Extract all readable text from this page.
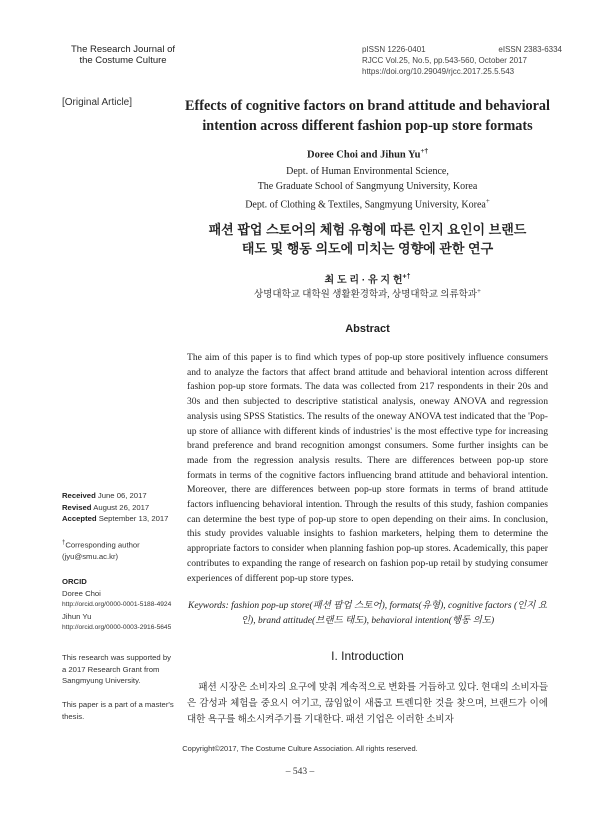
The Research Journal of
the Costume Culture
pISSN 1226-0401	eISSN 2383-6334
RJCC Vol.25, No.5, pp.543-560, October 2017
https://doi.org/10.29049/rjcc.2017.25.5.543
[Original Article]	Effects of cognitive factors on brand attitude and behavioral intention across different fashion pop-up store formats
Doree Choi and Jihun Yu+†
Dept. of Human Environmental Science,
The Graduate School of Sangmyung University, Korea
Dept. of Clothing & Textiles, Sangmyung University, Korea+
패션 팝업 스토어의 체험 유형에 따른 인지 요인이 브랜드
태도 및 행동 의도에 미치는 영향에 관한 연구
최 도 리 · 유 지 헌+†
상명대학교 대학원 생활환경학과, 상명대학교 의류학과+
Abstract
The aim of this paper is to find which types of pop-up store positively influence consumers and to analyze the factors that affect brand attitude and behavioral intention across different fashion pop-up store formats. The data was collected from 217 respondents in their 20s and 30s and then subjected to descriptive statistical analysis, oneway ANOVA and regression analysis using SPSS Statistics. The results of the oneway ANOVA test indicated that the 'Pop-up store of alliance with different kinds of industries' is the most effective type for increasing brand preference and brand recognition amongst consumers. Some further insights can be made from the regression analysis results. There are differences between pop-up store formats in terms of the cognitive factors influencing brand attitude and behavioral intention. Moreover, there are differences between pop-up store formats in terms of brand attitude factors influencing behavioral intention. Through the results of this study, fashion companies can determine the best type of pop-up store to open depending on their aims. In conclusion, this study provides valuable insights to fashion marketers, helping them to determine the appropriate factors to consider when planning fashion pop-up stores. Academically, this paper contributes to expanding the range of research on fashion pop-up retail by studying consumer experiences of different pop-up store types.
Keywords: fashion pop-up store(패션 팝업 스토어), formats(유형), cognitive factors (인지 요인), brand attitude(브랜드 태도), behavioral intention(행동 의도)
I. Introduction
패션 시장은 소비자의 요구에 맞춰 계속적으로 변화를 거듭하고 있다. 현대의 소비자들은 감성과 체험을 중요시 여기고, 끊임없이 새롭고 트렌디한 것을 찾으며, 브랜드가 이에 대한 욕구를 해소시켜주기를 기대한다. 패션 기업은 이러한 소비자
Received June 06, 2017
Revised August 26, 2017
Accepted September 13, 2017
†Corresponding author
(jyu@smu.ac.kr)
ORCID
Doree Choi
http://orcid.org/0000-0001-5188-4924
Jihun Yu
http://orcid.org/0000-0003-2916-5645
This research was supported by a 2017 Research Grant from Sangmyung University.
This paper is a part of a master's thesis.
Copyright©2017, The Costume Culture Association. All rights reserved.
– 543 –
